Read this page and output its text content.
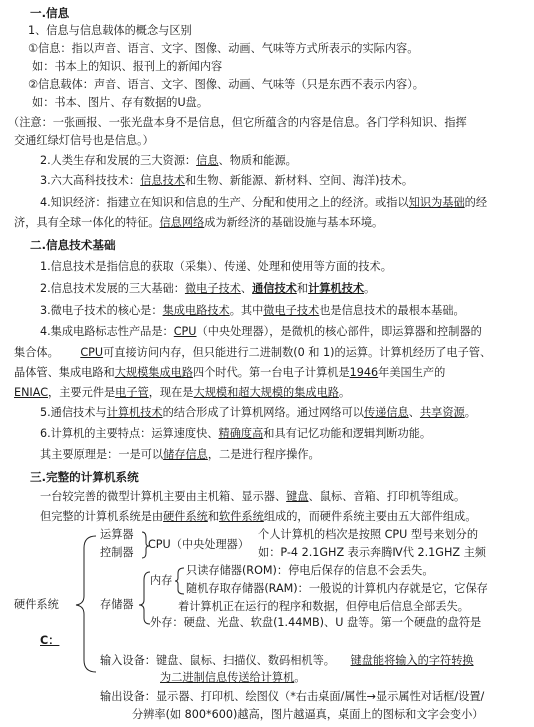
一.信息
1、信息与信息载体的概念与区别
①信息：指以声音、语言、文字、图像、动画、气味等方式所表示的实际内容。
如：书本上的知识、报刊上的新闻内容
②信息载体：声音、语言、文字、图像、动画、气味等（只是东西不表示内容）。
如：书本、图片、存有数据的U盘。
（注意：一张画报、一张光盘本身不是信息，但它所蕴含的内容是信息。各门学科知识、指挥
交通红绿灯信号也是信息。）
2.人类生存和发展的三大资源：信息、物质和能源。
3.六大高科技技术：信息技术和生物、新能源、新材料、空间、海洋)技术。
4.知识经济：指建立在知识和信息的生产、分配和使用之上的经济。或指以知识为基础的经
济，具有全球一体化的特征。信息网络成为新经济的基础设施与基本环境。
二.信息技术基础
1.信息技术是指信息的获取（采集）、传递、处理和使用等方面的技术。
2.信息技术发展的三大基础：微电子技术、通信技术和计算机技术。
3.微电子技术的核心是：集成电路技术。其中微电子技术也是信息技术的最根本基础。
4.集成电路标志性产品是：CPU（中央处理器），是微机的核心部件，即运算器和控制器的
集合体。 CPU可直接访问内存，但只能进行二进制数(0 和 1)的运算。计算机经历了电子管、
晶体管、集成电路和大规模集成电路四个时代。第一台电子计算机是1946年美国生产的
ENIAC，主要元件是电子管，现在是大规模和超大规模的集成电路。
5.通信技术与计算机技术的结合形成了计算机网络。通过网络可以传递信息、共享资源。
6.计算机的主要特点：运算速度快、精确度高和具有记忆功能和逻辑判断功能。
其主要原理是：一是可以储存信息，二是进行程序操作。
三.完整的计算机系统
一台较完善的微型计算机主要由主机箱、显示器、键盘、鼠标、音箱、打印机等组成。
但完整的计算机系统是由硬件系统和软件系统组成的，而硬件系统主要由五大部件组成。
运算器
控制器
CPU（中央处理器）
个人计算机的档次是按照 CPU 型号来划分的
如：P-4 2.1GHZ 表示奔腾Ⅳ代 2.1GHZ 主频
只读存储器(ROM)：停电后保存的信息不会丢失。
内存
随机存取存储器(RAM)：一般说的计算机内存就是它，它保存
着计算机正在运行的程序和数据，但停电后信息全部丢失。
硬件系统	存储器
外存：硬盘、光盘、软盘(1.44MB)、U 盘等。第一个硬盘的盘符是
C：
输入设备：键盘、鼠标、扫描仪、数码相机等。 键盘能将输入的字符转换
为二进制信息传送给计算机。
输出设备：显示器、打印机、绘图仪（*右击桌面/属性→显示属性对话框/设置/
分辨率(如 800*600)越高，图片越逼真，桌面上的图标和文字会变小）
